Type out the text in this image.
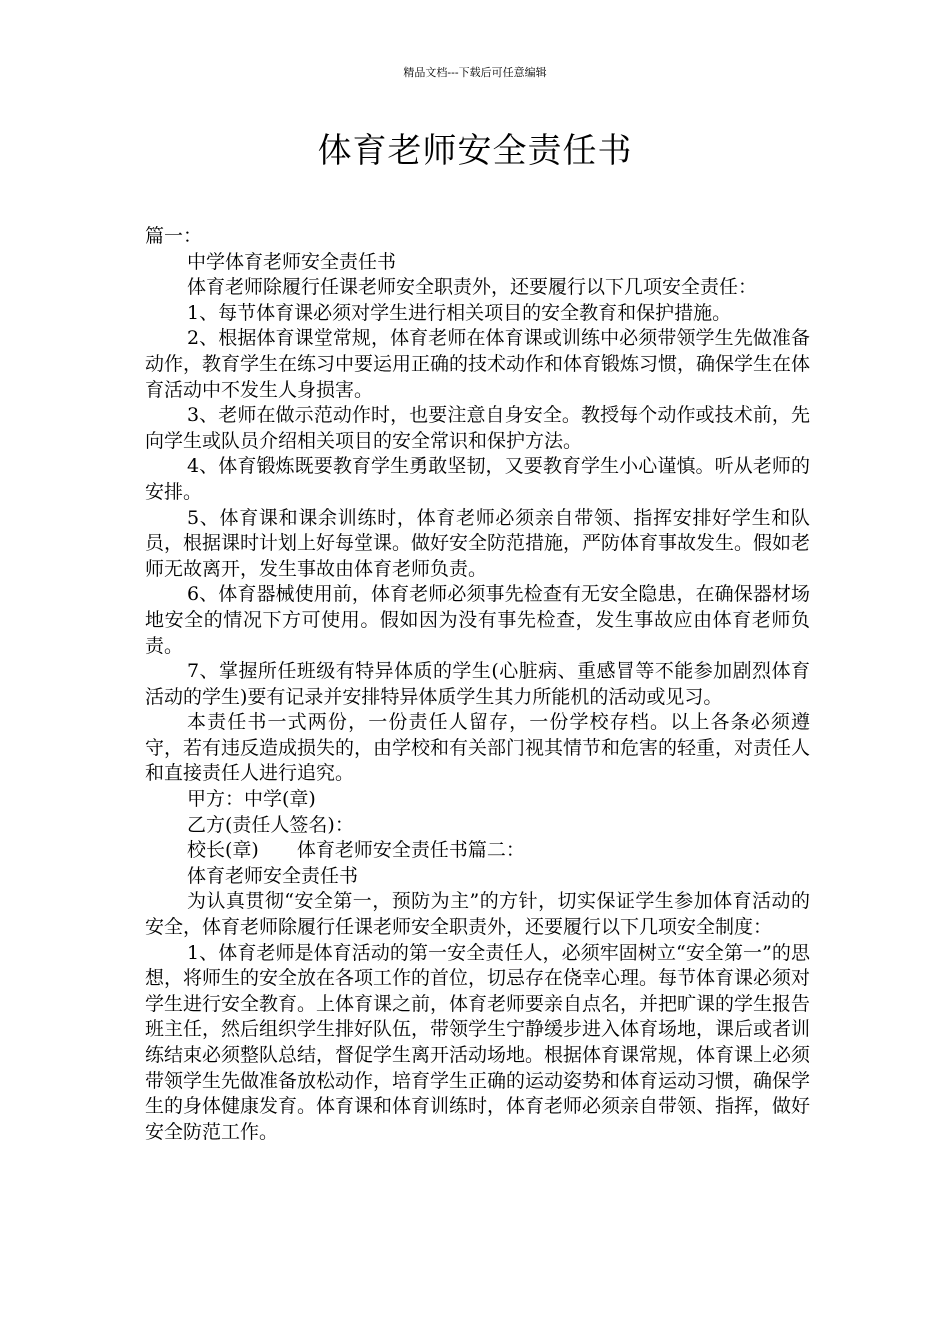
精品文档---下载后可任意编辑
体育老师安全责任书

篇一：

中学体育老师安全责任书

体育老师除履行任课老师安全职责外，还要履行以下几项安全责任：

1、每节体育课必须对学生进行相关项目的安全教育和保护措施。

2、根据体育课堂常规，体育老师在体育课或训练中必须带领学生先做准备动作，教育学生在练习中要运用正确的技术动作和体育锻炼习惯，确保学生在体育活动中不发生人身损害。

3、老师在做示范动作时，也要注意自身安全。教授每个动作或技术前，先向学生或队员介绍相关项目的安全常识和保护方法。

4、体育锻炼既要教育学生勇敢坚韧，又要教育学生小心谨慎。听从老师的安排。

5、体育课和课余训练时，体育老师必须亲自带领、指挥安排好学生和队员，根据课时计划上好每堂课。做好安全防范措施，严防体育事故发生。假如老师无故离开，发生事故由体育老师负责。

6、体育器械使用前，体育老师必须事先检查有无安全隐患，在确保器材场地安全的情况下方可使用。假如因为没有事先检查，发生事故应由体育老师负责。

7、掌握所任班级有特异体质的学生(心脏病、重感冒等不能参加剧烈体育活动的学生)要有记录并安排特异体质学生其力所能机的活动或见习。

本责任书一式两份，一份责任人留存，一份学校存档。以上各条必须遵守，若有违反造成损失的，由学校和有关部门视其情节和危害的轻重，对责任人和直接责任人进行追究。

甲方：中学(章)

乙方(责任人签名)：

校长(章)　　体育老师安全责任书篇二：

体育老师安全责任书

为认真贯彻“安全第一，预防为主”的方针，切实保证学生参加体育活动的安全，体育老师除履行任课老师安全职责外，还要履行以下几项安全制度：

1、体育老师是体育活动的第一安全责任人，必须牢固树立“安全第一”的思想，将师生的安全放在各项工作的首位，切忌存在侥幸心理。每节体育课必须对学生进行安全教育。上体育课之前，体育老师要亲自点名，并把旷课的学生报告班主任，然后组织学生排好队伍，带领学生宁静缓步进入体育场地，课后或者训练结束必须整队总结，督促学生离开活动场地。根据体育课常规，体育课上必须带领学生先做准备放松动作，培育学生正确的运动姿势和体育运动习惯，确保学生的身体健康发育。体育课和体育训练时，体育老师必须亲自带领、指挥，做好安全防范工作。
